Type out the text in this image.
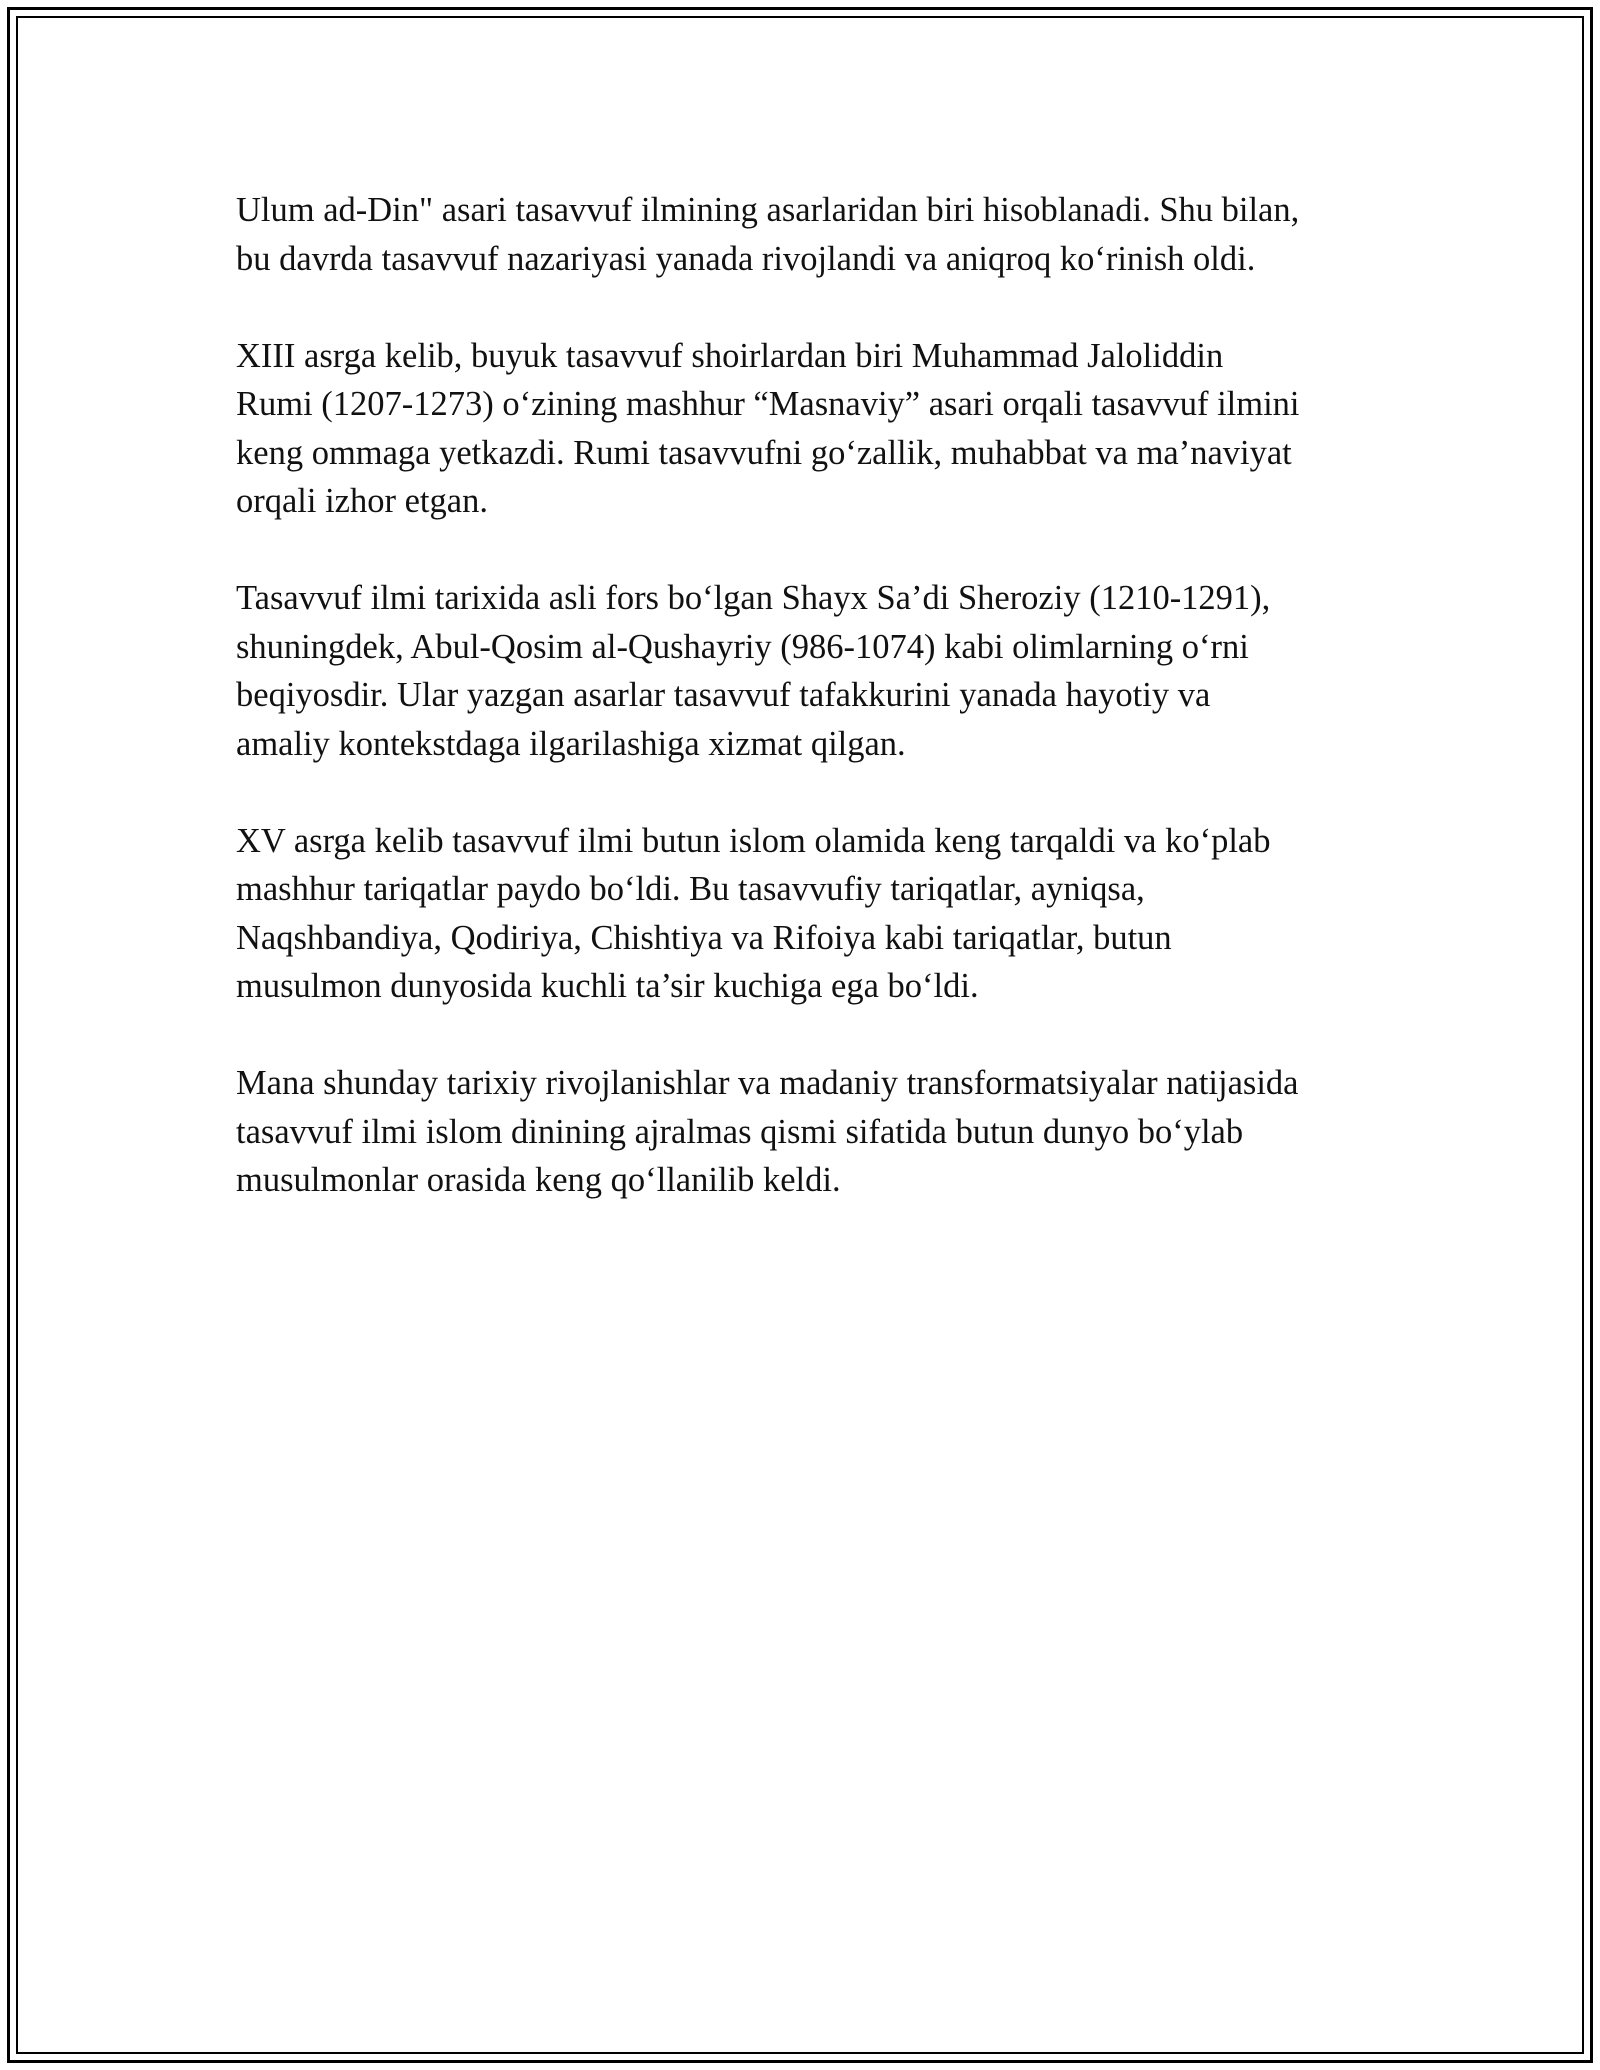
Ulum ad-Din" asari tasavvuf ilmining asarlaridan biri hisoblanadi. Shu bilan,
bu davrda tasavvuf nazariyasi yanada rivojlandi va aniqroq koʻrinish oldi.

XIII asrga kelib, buyuk tasavvuf shoirlardan biri Muhammad Jaloliddin
Rumi (1207-1273) oʻzining mashhur “Masnaviy” asari orqali tasavvuf ilmini
keng ommaga yetkazdi. Rumi tasavvufni goʻzallik, muhabbat va ma’naviyat
orqali izhor etgan.

Tasavvuf ilmi tarixida asli fors boʻlgan Shayx Sa’di Sheroziy (1210-1291),
shuningdek, Abul-Qosim al-Qushayriy (986-1074) kabi olimlarning oʻrni
beqiyosdir. Ular yazgan asarlar tasavvuf tafakkurini yanada hayotiy va
amaliy kontekstdaga ilgarilashiga xizmat qilgan.

XV asrga kelib tasavvuf ilmi butun islom olamida keng tarqaldi va koʻplab
mashhur tariqatlar paydo boʻldi. Bu tasavvufiy tariqatlar, ayniqsa,
Naqshbandiya, Qodiriya, Chishtiya va Rifoiya kabi tariqatlar, butun
musulmon dunyosida kuchli ta’sir kuchiga ega boʻldi.

Mana shunday tarixiy rivojlanishlar va madaniy transformatsiyalar natijasida
tasavvuf ilmi islom dinining ajralmas qismi sifatida butun dunyo boʻylab
musulmonlar orasida keng qoʻllanilib keldi.
